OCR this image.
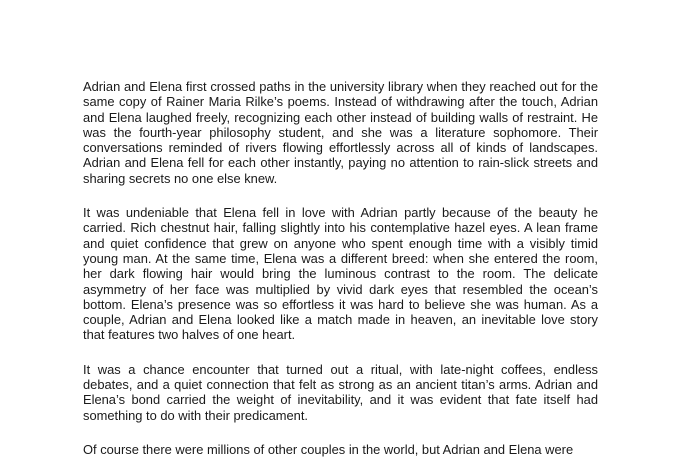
Adrian and Elena first crossed paths in the university library when they reached out for the same copy of Rainer Maria Rilke’s poems. Instead of withdrawing after the touch, Adrian and Elena laughed freely, recognizing each other instead of building walls of restraint. He was the fourth-year philosophy student, and she was a literature sophomore. Their conversations reminded of rivers flowing effortlessly across all of kinds of landscapes. Adrian and Elena fell for each other instantly, paying no attention to rain-slick streets and sharing secrets no one else knew.

It was undeniable that Elena fell in love with Adrian partly because of the beauty he carried. Rich chestnut hair, falling slightly into his contemplative hazel eyes. A lean frame and quiet confidence that grew on anyone who spent enough time with a visibly timid young man. At the same time, Elena was a different breed: when she entered the room, her dark flowing hair would bring the luminous contrast to the room. The delicate asymmetry of her face was multiplied by vivid dark eyes that resembled the ocean’s bottom. Elena’s presence was so effortless it was hard to believe she was human. As a couple, Adrian and Elena looked like a match made in heaven, an inevitable love story that features two halves of one heart.

It was a chance encounter that turned out a ritual, with late-night coffees, endless debates, and a quiet connection that felt as strong as an ancient titan’s arms. Adrian and Elena’s bond carried the weight of inevitability, and it was evident that fate itself had something to do with their predicament.

Of course there were millions of other couples in the world, but Adrian and Elena were
